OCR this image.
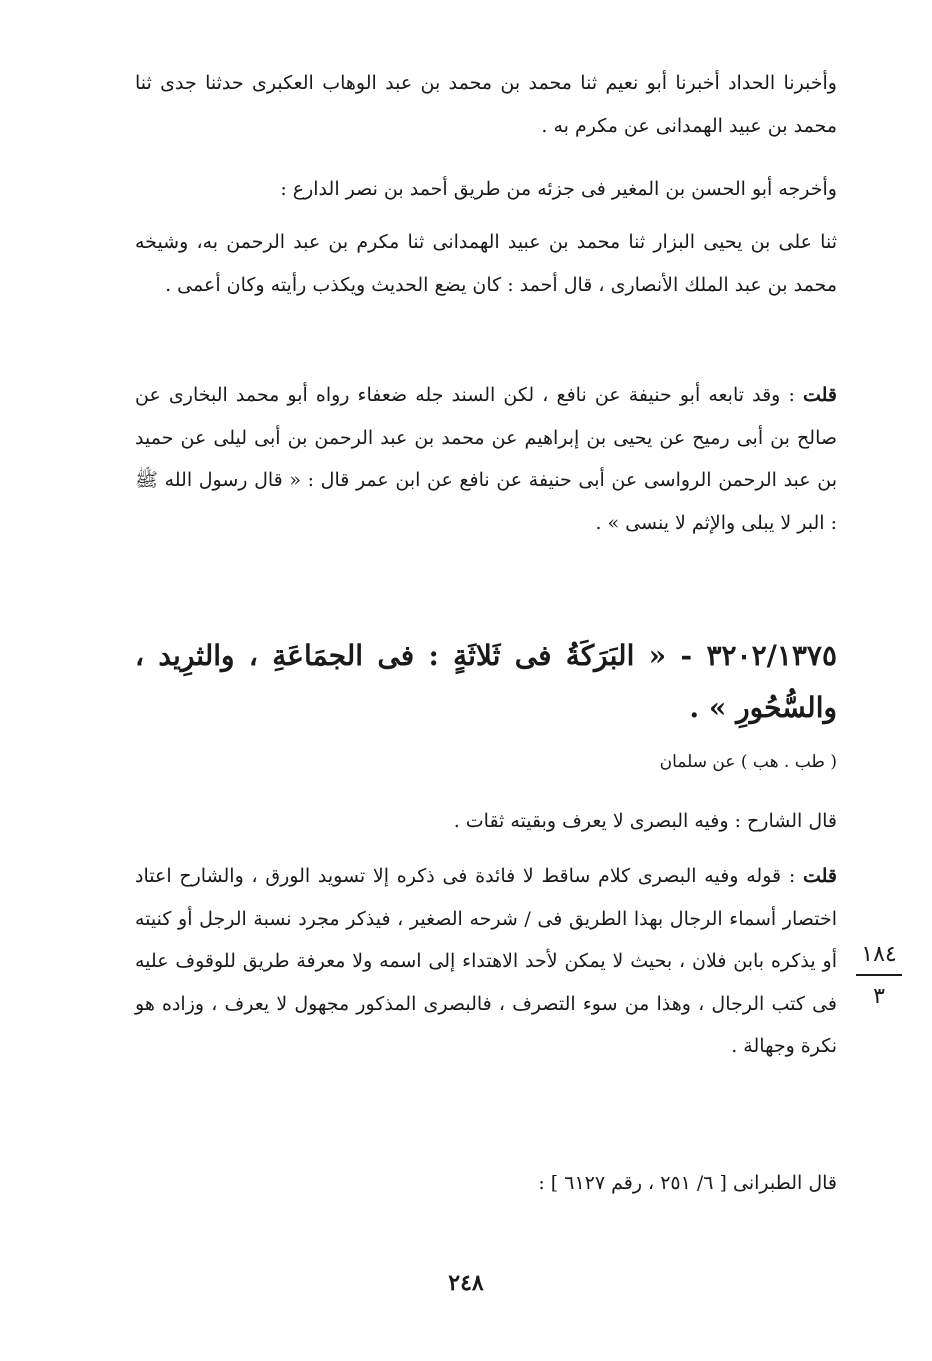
وأخبرنا الحداد أخبرنا أبو نعيم ثنا محمد بن محمد بن عبد الوهاب العكبرى حدثنا جدى ثنا محمد بن عبيد الهمدانى عن مكرم به .

وأخرجه أبو الحسن بن المغير فى جزئه من طريق أحمد بن نصر الدارع :

ثنا على بن يحيى البزار ثنا محمد بن عبيد الهمدانى ثنا مكرم بن عبد الرحمن به، وشيخه محمد بن عبد الملك الأنصارى ، قال أحمد : كان يضع الحديث ويكذب رأيته وكان أعمى .

قلت : وقد تابعه أبو حنيفة عن نافع ، لكن السند جله ضعفاء رواه أبو محمد البخارى عن صالح بن أبى رميح عن يحيى بن إبراهيم عن محمد بن عبد الرحمن بن أبى ليلى عن حميد بن عبد الرحمن الرواسى عن أبى حنيفة عن نافع عن ابن عمر قال : « قال رسول الله ﷺ : البر لا يبلى والإثم لا ينسى » .

٣٢٠٢/١٣٧٥ - « البَرَكَةُ فى ثَلاثَةٍ : فى الجمَاعَةِ ، والثرِيد ، والسُّحُورِ » .

( طب . هب ) عن سلمان

قال الشارح : وفيه البصرى لا يعرف وبقيته ثقات .

قلت : قوله وفيه البصرى كلام ساقط لا فائدة فى ذكره إلا تسويد الورق ، والشارح اعتاد اختصار أسماء الرجال بهذا الطريق فى / شرحه الصغير ، فيذكر مجرد نسبة الرجل أو كنيته أو يذكره بابن فلان ، بحيث لا يمكن لأحد الاهتداء إلى اسمه ولا معرفة طريق للوقوف عليه فى كتب الرجال ، وهذا من سوء التصرف ، فالبصرى المذكور مجهول لا يعرف ، وزاده هو نكرة وجهالة .

قال الطبرانى [ ٦/ ٢٥١ ، رقم ٦١٢٧ ] :

١٨٤
٣
٢٤٨
